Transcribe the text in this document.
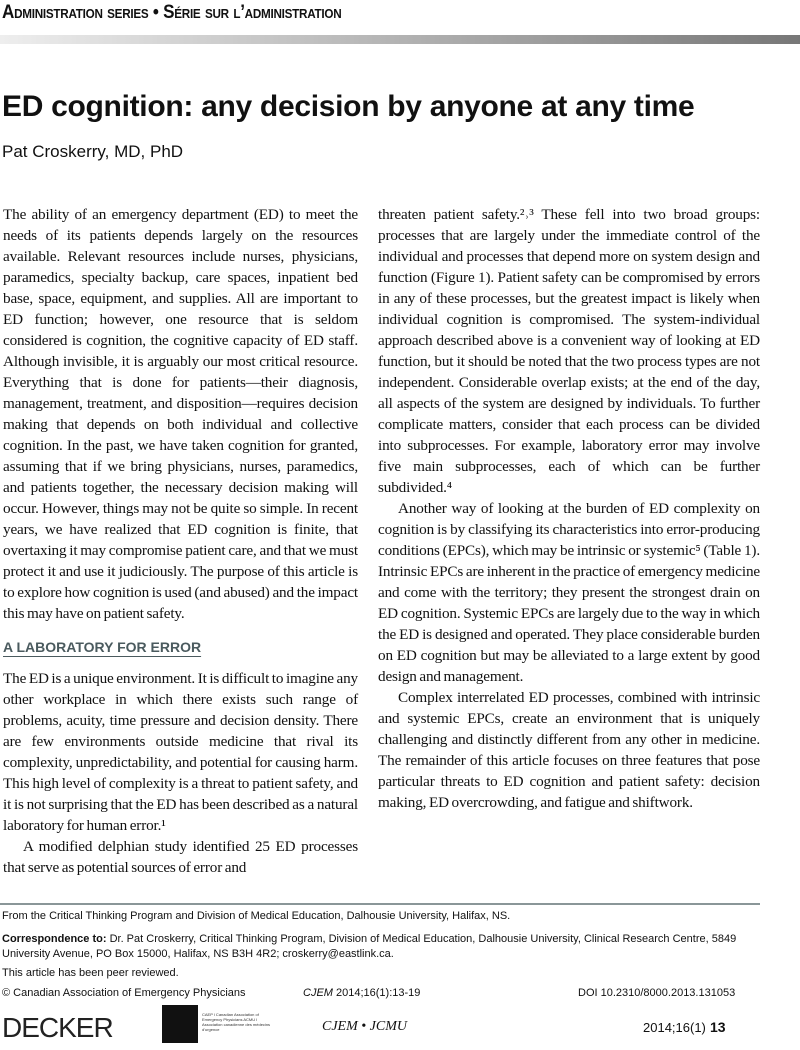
Administration series • Série sur l’administration
ED cognition: any decision by anyone at any time
Pat Croskerry, MD, PhD

The ability of an emergency department (ED) to meet the needs of its patients depends largely on the resources available. Relevant resources include nurses, physicians, paramedics, specialty backup, care spaces, inpatient bed base, space, equipment, and supplies. All are important to ED function; however, one resource that is seldom considered is cognition, the cognitive capacity of ED staff. Although invisible, it is arguably our most critical resource. Everything that is done for patients—their diagnosis, management, treatment, and disposition—requires decision making that depends on both individual and collective cognition. In the past, we have taken cognition for granted, assuming that if we bring physicians, nurses, paramedics, and patients together, the necessary decision making will occur. However, things may not be quite so simple. In recent years, we have realized that ED cognition is finite, that overtaxing it may compromise patient care, and that we must protect it and use it judiciously. The purpose of this article is to explore how cognition is used (and abused) and the impact this may have on patient safety.

A LABORATORY FOR ERROR

The ED is a unique environment. It is difficult to imagine any other workplace in which there exists such range of problems, acuity, time pressure and decision density. There are few environments outside medicine that rival its complexity, unpredictability, and potential for causing harm. This high level of complexity is a threat to patient safety, and it is not surprising that the ED has been described as a natural laboratory for human error.¹

A modified delphian study identified 25 ED processes that serve as potential sources of error and

threaten patient safety.²˒³ These fell into two broad groups: processes that are largely under the immediate control of the individual and processes that depend more on system design and function (Figure 1). Patient safety can be compromised by errors in any of these processes, but the greatest impact is likely when individual cognition is compromised. The system-individual approach described above is a convenient way of looking at ED function, but it should be noted that the two process types are not independent. Considerable overlap exists; at the end of the day, all aspects of the system are designed by individuals. To further complicate matters, consider that each process can be divided into subprocesses. For example, laboratory error may involve five main subprocesses, each of which can be further subdivided.⁴

Another way of looking at the burden of ED complexity on cognition is by classifying its characteristics into error-producing conditions (EPCs), which may be intrinsic or systemic⁵ (Table 1). Intrinsic EPCs are inherent in the practice of emergency medicine and come with the territory; they present the strongest drain on ED cognition. Systemic EPCs are largely due to the way in which the ED is designed and operated. They place considerable burden on ED cognition but may be alleviated to a large extent by good design and management.

Complex interrelated ED processes, combined with intrinsic and systemic EPCs, create an environment that is uniquely challenging and distinctly different from any other in medicine. The remainder of this article focuses on three features that pose particular threats to ED cognition and patient safety: decision making, ED overcrowding, and fatigue and shiftwork.

From the Critical Thinking Program and Division of Medical Education, Dalhousie University, Halifax, NS.
Correspondence to: Dr. Pat Croskerry, Critical Thinking Program, Division of Medical Education, Dalhousie University, Clinical Research Centre, 5849 University Avenue, PO Box 15000, Halifax, NS B3H 4R2; croskerry@eastlink.ca.
This article has been peer reviewed.
© Canadian Association of Emergency Physicians	CJEM 2014;16(1):13-19	DOI 10.2310/8000.2013.131053
DECKER	CAEP l Canadian Association of Emergency Physicians ACMU l Association canadienne des médecins d'urgence	CJEM • JCMU	2014;16(1) 13
